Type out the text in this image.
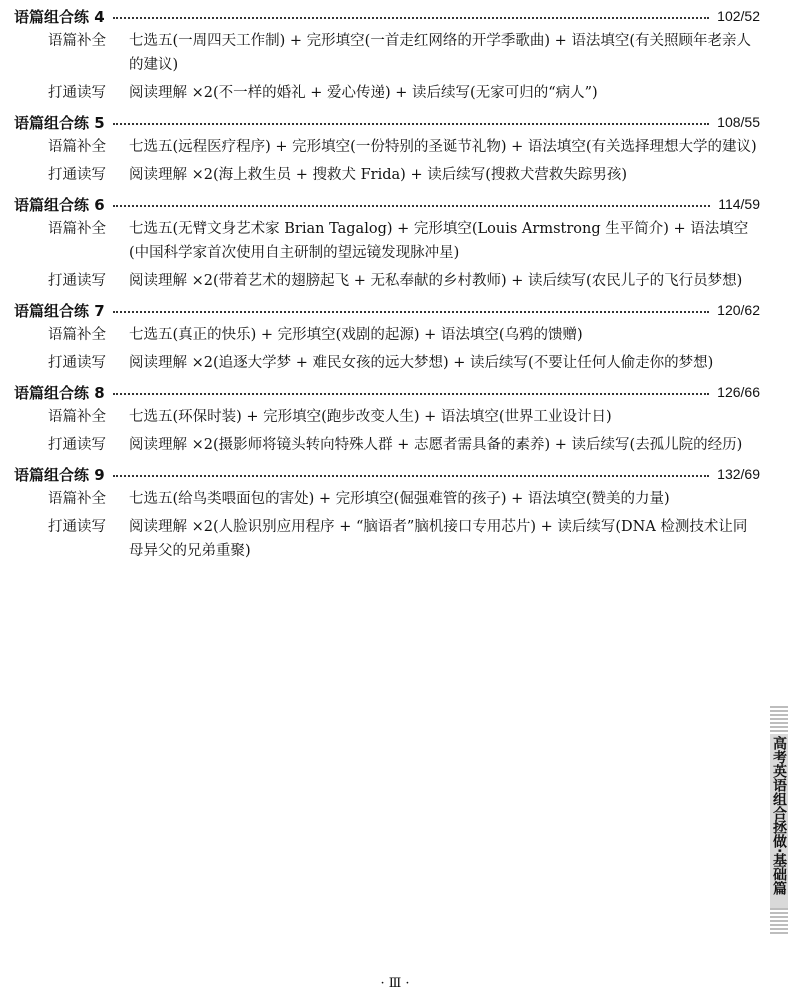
语篇组合练 4	102/52
语篇补全 七选五(一周四天工作制) + 完形填空(一首走红网络的开学季歌曲) + 语法填空(有关照顾年老亲人的建议)
打通读写 阅读理解 ×2(不一样的婚礼 + 爱心传递) + 读后续写(无家可归的“病人”)
语篇组合练 5	108/55
语篇补全 七选五(远程医疗程序) + 完形填空(一份特别的圣诞节礼物) + 语法填空(有关选择理想大学的建议)
打通读写 阅读理解 ×2(海上救生员 + 搜救犬 Frida) + 读后续写(搜救犬营救失踪男孩)
语篇组合练 6	114/59
语篇补全 七选五(无臂文身艺术家 Brian Tagalog) + 完形填空(Louis Armstrong 生平简介) + 语法填空(中国科学家首次使用自主研制的望远镜发现脉冲星)
打通读写 阅读理解 ×2(带着艺术的翅膀起飞 + 无私奉献的乡村教师) + 读后续写(农民儿子的飞行员梦想)
语篇组合练 7	120/62
语篇补全 七选五(真正的快乐) + 完形填空(戏剧的起源) + 语法填空(乌鸦的馈赠)
打通读写 阅读理解 ×2(追逐大学梦 + 难民女孩的远大梦想) + 读后续写(不要让任何人偷走你的梦想)
语篇组合练 8	126/66
语篇补全 七选五(环保时装) + 完形填空(跑步改变人生) + 语法填空(世界工业设计日)
打通读写 阅读理解 ×2(摄影师将镜头转向特殊人群 + 志愿者需具备的素养) + 读后续写(去孤儿院的经历)
语篇组合练 9	132/69
语篇补全 七选五(给鸟类喂面包的害处) + 完形填空(倔强难管的孩子) + 语法填空(赞美的力量)
打通读写 阅读理解 ×2(人脸识别应用程序 + “脑语者”脑机接口专用芯片) + 读后续写(DNA 检测技术让同母异父的兄弟重聚)
高考英语组合拯做·基础篇
· Ⅲ ·
